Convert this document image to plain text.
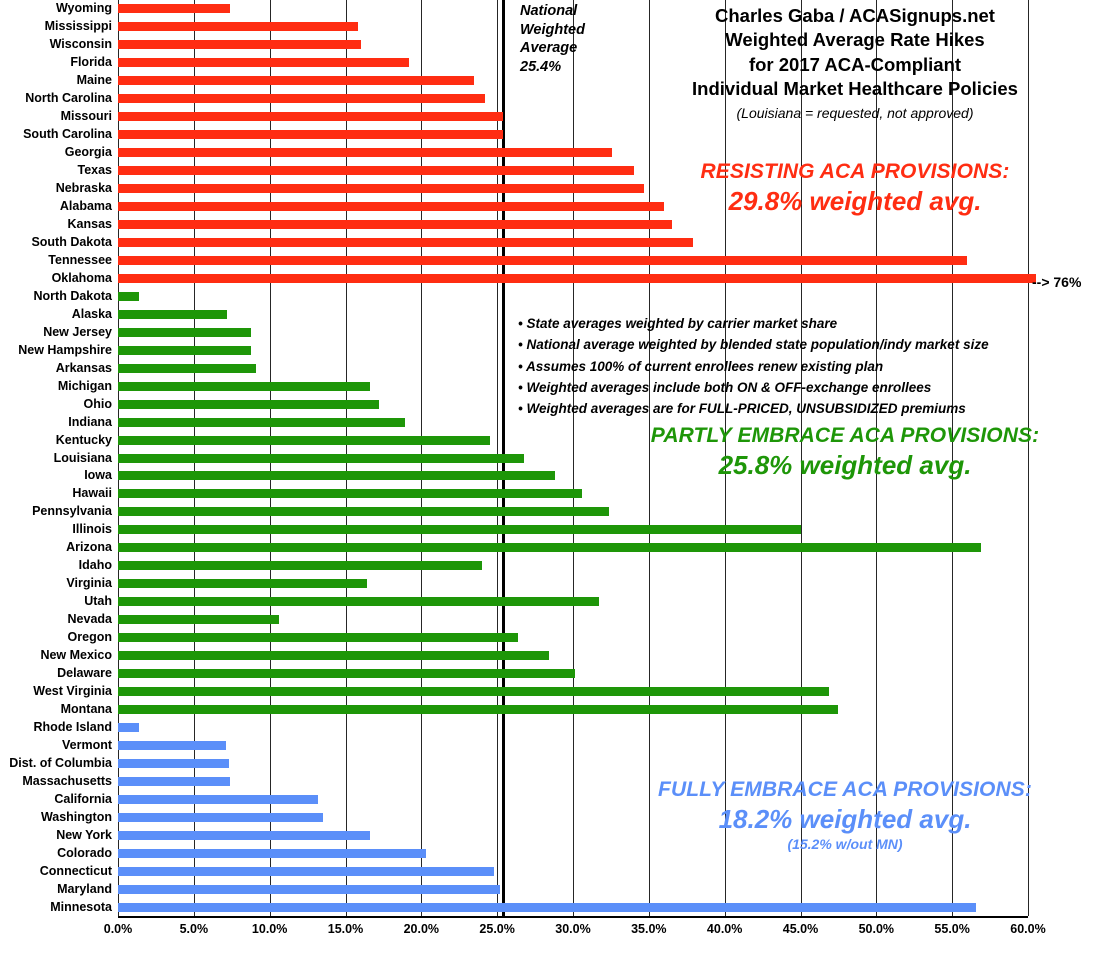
Wyoming
Mississippi
Wisconsin
Florida
Maine
North Carolina
Missouri
South Carolina
Georgia
Texas
Nebraska
Alabama
Kansas
South Dakota
Tennessee
Oklahoma
North Dakota
Alaska
New Jersey
New Hampshire
Arkansas
Michigan
Ohio
Indiana
Kentucky
Louisiana
Iowa
Hawaii
Pennsylvania
Illinois
Arizona
Idaho
Virginia
Utah
Nevada
Oregon
New Mexico
Delaware
West Virginia
Montana
Rhode Island
Vermont
Dist. of Columbia
Massachusetts
California
Washington
New York
Colorado
Connecticut
Maryland
Minnesota
0.0%	5.0%	10.0%	15.0%	20.0%	25.0%	30.0%	35.0%	40.0%	45.0%	50.0%	55.0%	60.0%
National
Weighted
Average
25.4%
Charles Gaba / ACASignups.net
Weighted Average Rate Hikes
for 2017 ACA-Compliant
Individual Market Healthcare Policies
(Louisiana = requested, not approved)
RESISTING ACA PROVISIONS:
29.8% weighted avg.
PARTLY EMBRACE ACA PROVISIONS:
25.8% weighted avg.
FULLY EMBRACE ACA PROVISIONS:
18.2% weighted avg.
(15.2% w/out MN)
• State averages weighted by carrier market share
• National average weighted by blended state population/indy market size
• Assumes 100% of current enrollees renew existing plan
• Weighted averages include both ON & OFF-exchange enrollees
• Weighted averages are for FULL-PRICED, UNSUBSIDIZED premiums
--> 76%
